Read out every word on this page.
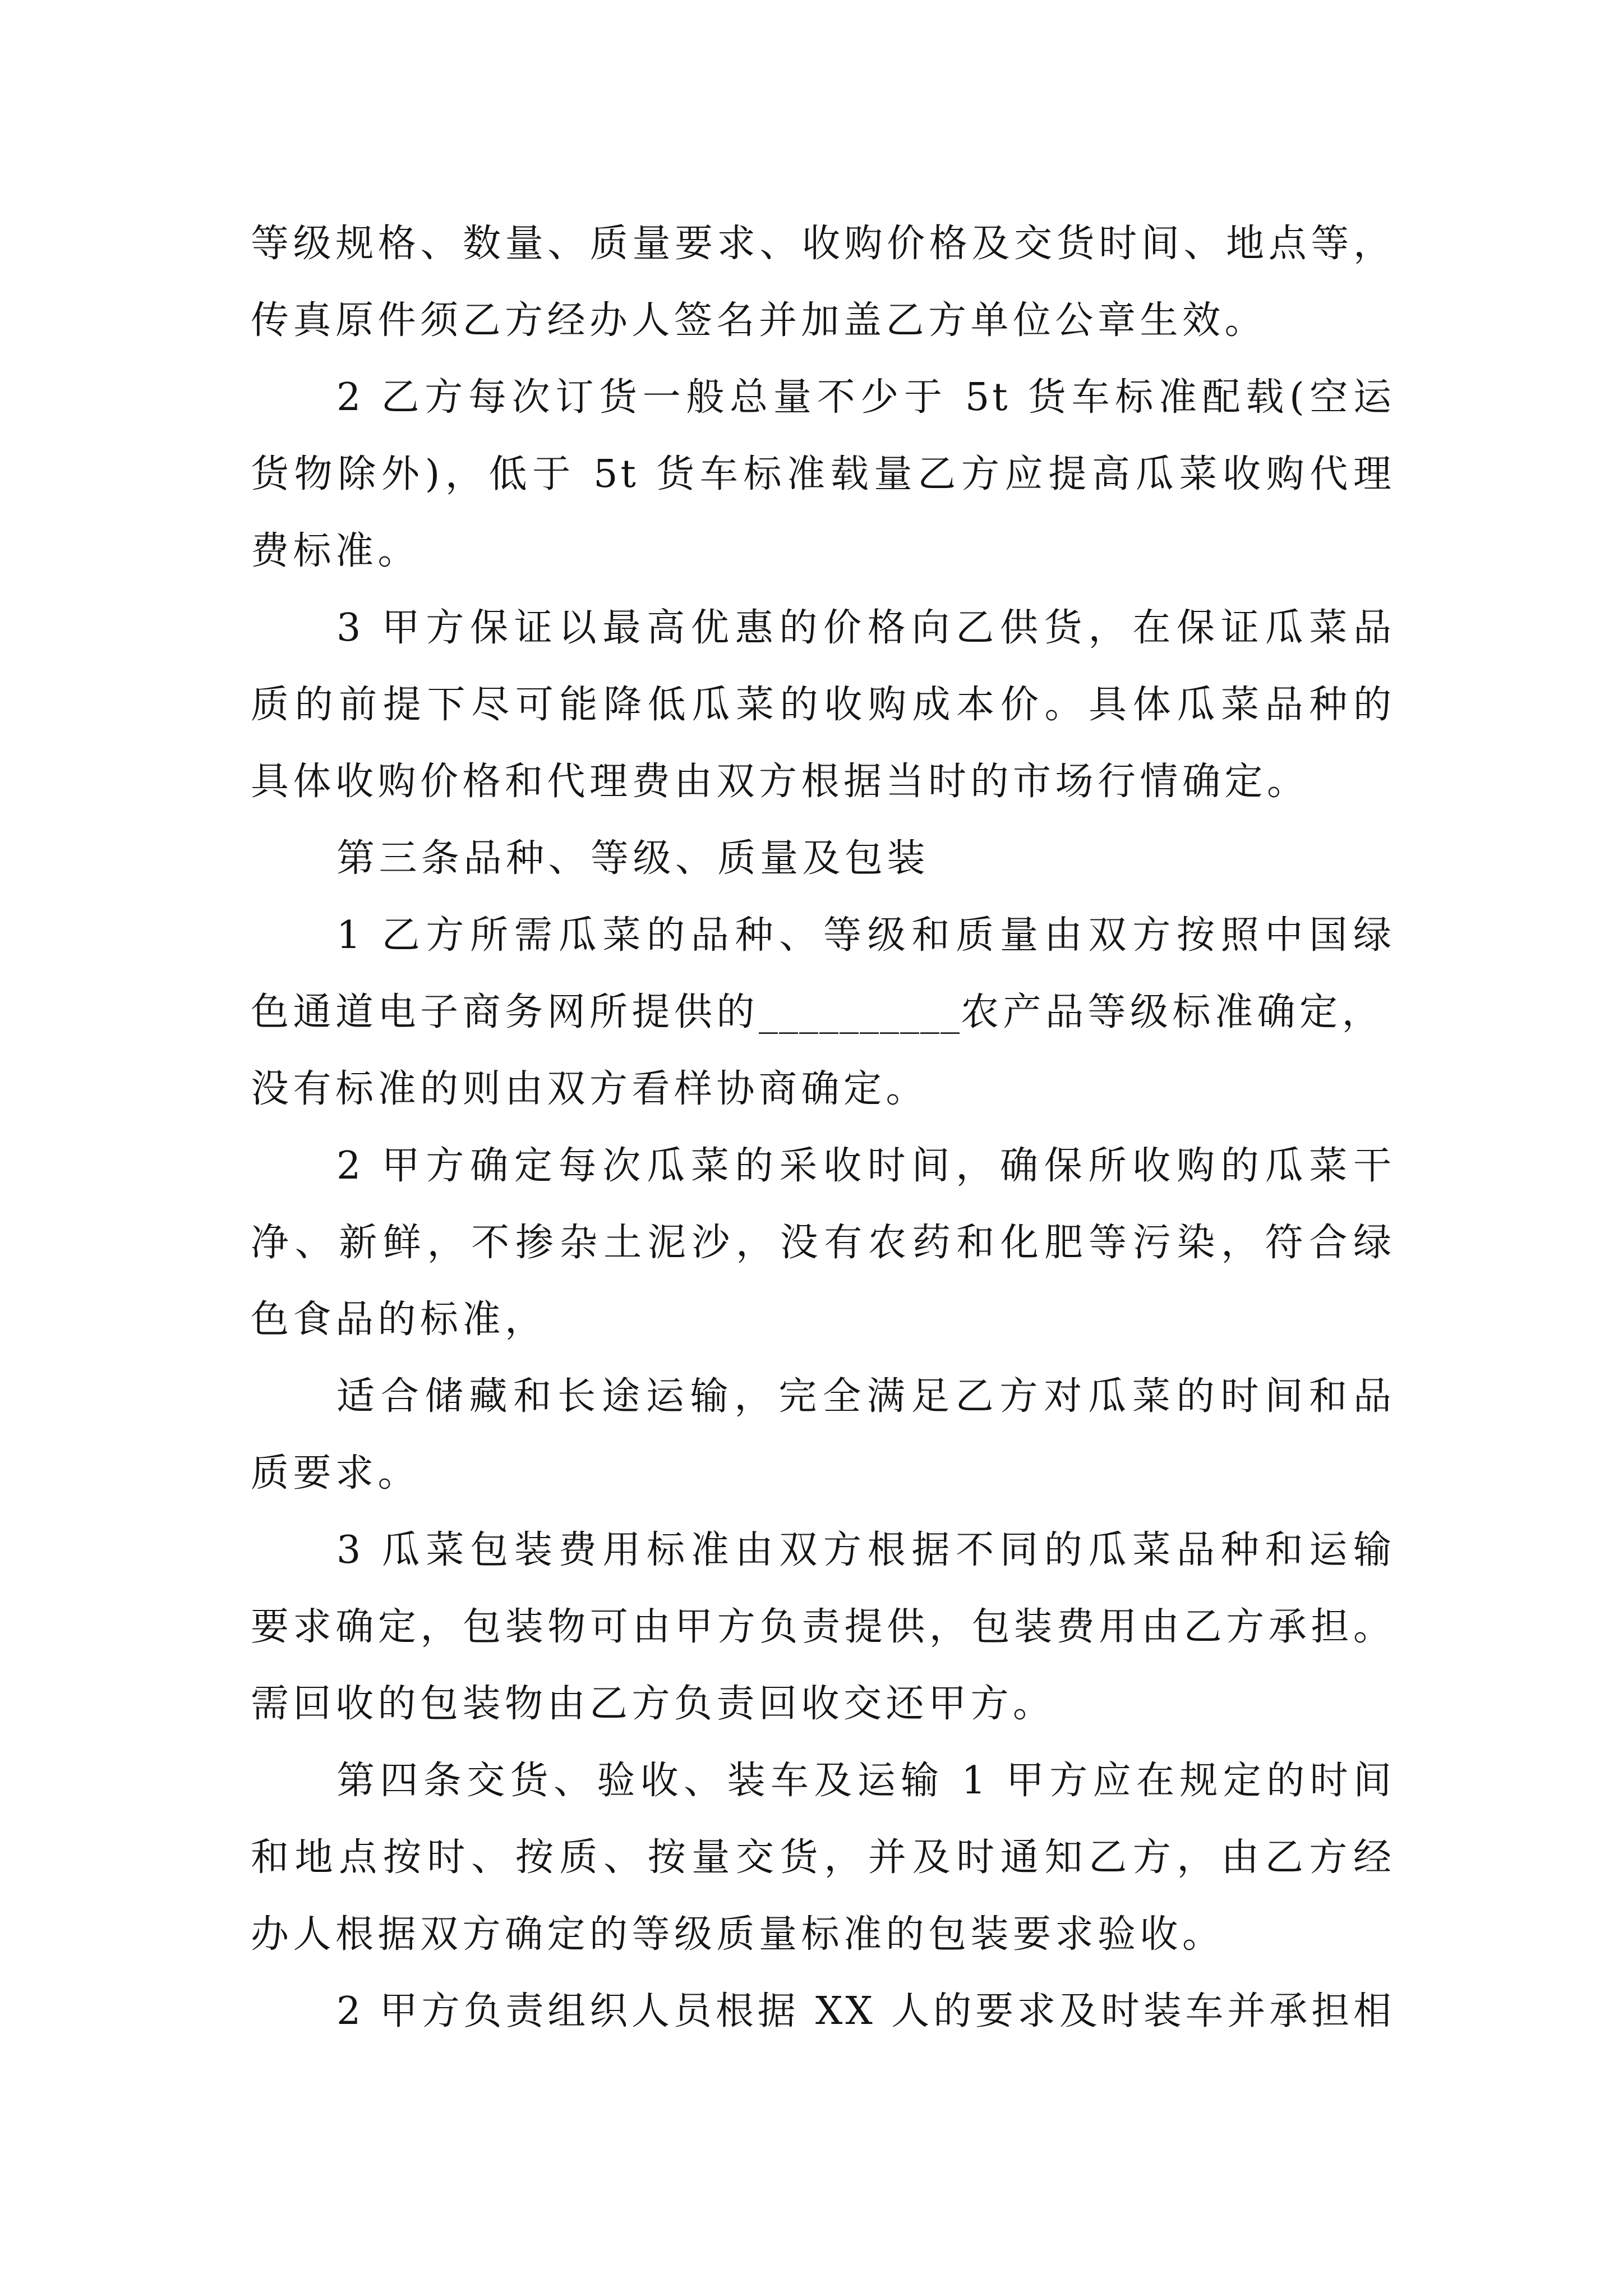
等级规格、数量、质量要求、收购价格及交货时间、地点等，
传真原件须乙方经办人签名并加盖乙方单位公章生效。
2 乙方每次订货一般总量不少于 5t 货车标准配载(空运
货物除外)，低于 5t 货车标准载量乙方应提高瓜菜收购代理
费标准。
3 甲方保证以最高优惠的价格向乙供货，在保证瓜菜品
质的前提下尽可能降低瓜菜的收购成本价。具体瓜菜品种的
具体收购价格和代理费由双方根据当时的市场行情确定。
第三条品种、等级、质量及包装
1 乙方所需瓜菜的品种、等级和质量由双方按照中国绿
色通道电子商务网所提供的__________农产品等级标准确定，
没有标准的则由双方看样协商确定。
2 甲方确定每次瓜菜的采收时间，确保所收购的瓜菜干
净、新鲜，不掺杂土泥沙，没有农药和化肥等污染，符合绿
色食品的标准，
适合储藏和长途运输，完全满足乙方对瓜菜的时间和品
质要求。
3 瓜菜包装费用标准由双方根据不同的瓜菜品种和运输
要求确定，包装物可由甲方负责提供，包装费用由乙方承担。
需回收的包装物由乙方负责回收交还甲方。
第四条交货、验收、装车及运输 1 甲方应在规定的时间
和地点按时、按质、按量交货，并及时通知乙方，由乙方经
办人根据双方确定的等级质量标准的包装要求验收。
2 甲方负责组织人员根据 XX 人的要求及时装车并承担相
